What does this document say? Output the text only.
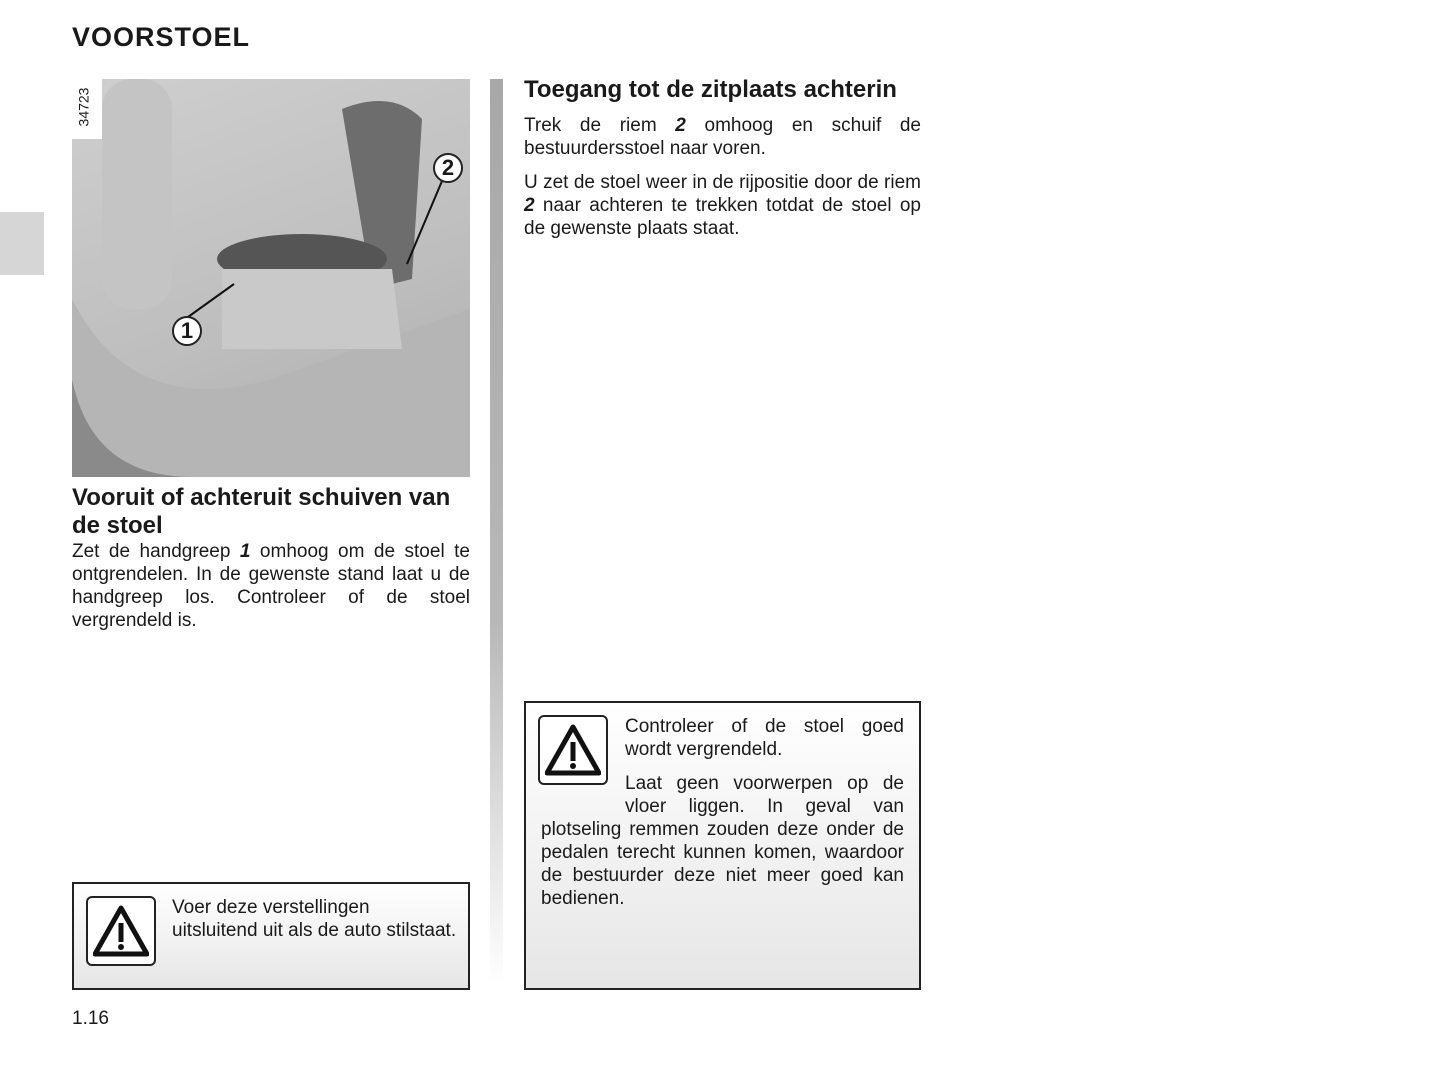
VOORSTOEL
34723
1
2
Vooruit of achteruit schuiven van de stoel

Zet de handgreep 1 omhoog om de stoel te ontgrendelen. In de gewenste stand laat u de handgreep los. Controleer of de stoel vergrendeld is.

Voer deze verstellingen uitsluitend uit als de auto stilstaat.

Toegang tot de zitplaats achterin

Trek de riem 2 omhoog en schuif de bestuurdersstoel naar voren.

U zet de stoel weer in de rijpositie door de riem 2 naar achteren te trekken totdat de stoel op de gewenste plaats staat.

Controleer of de stoel goed wordt vergrendeld.

Laat geen voorwerpen op de vloer liggen. In geval van plotseling remmen zouden deze onder de pedalen terecht kunnen komen, waardoor de bestuurder deze niet meer goed kan bedienen.

1.16
